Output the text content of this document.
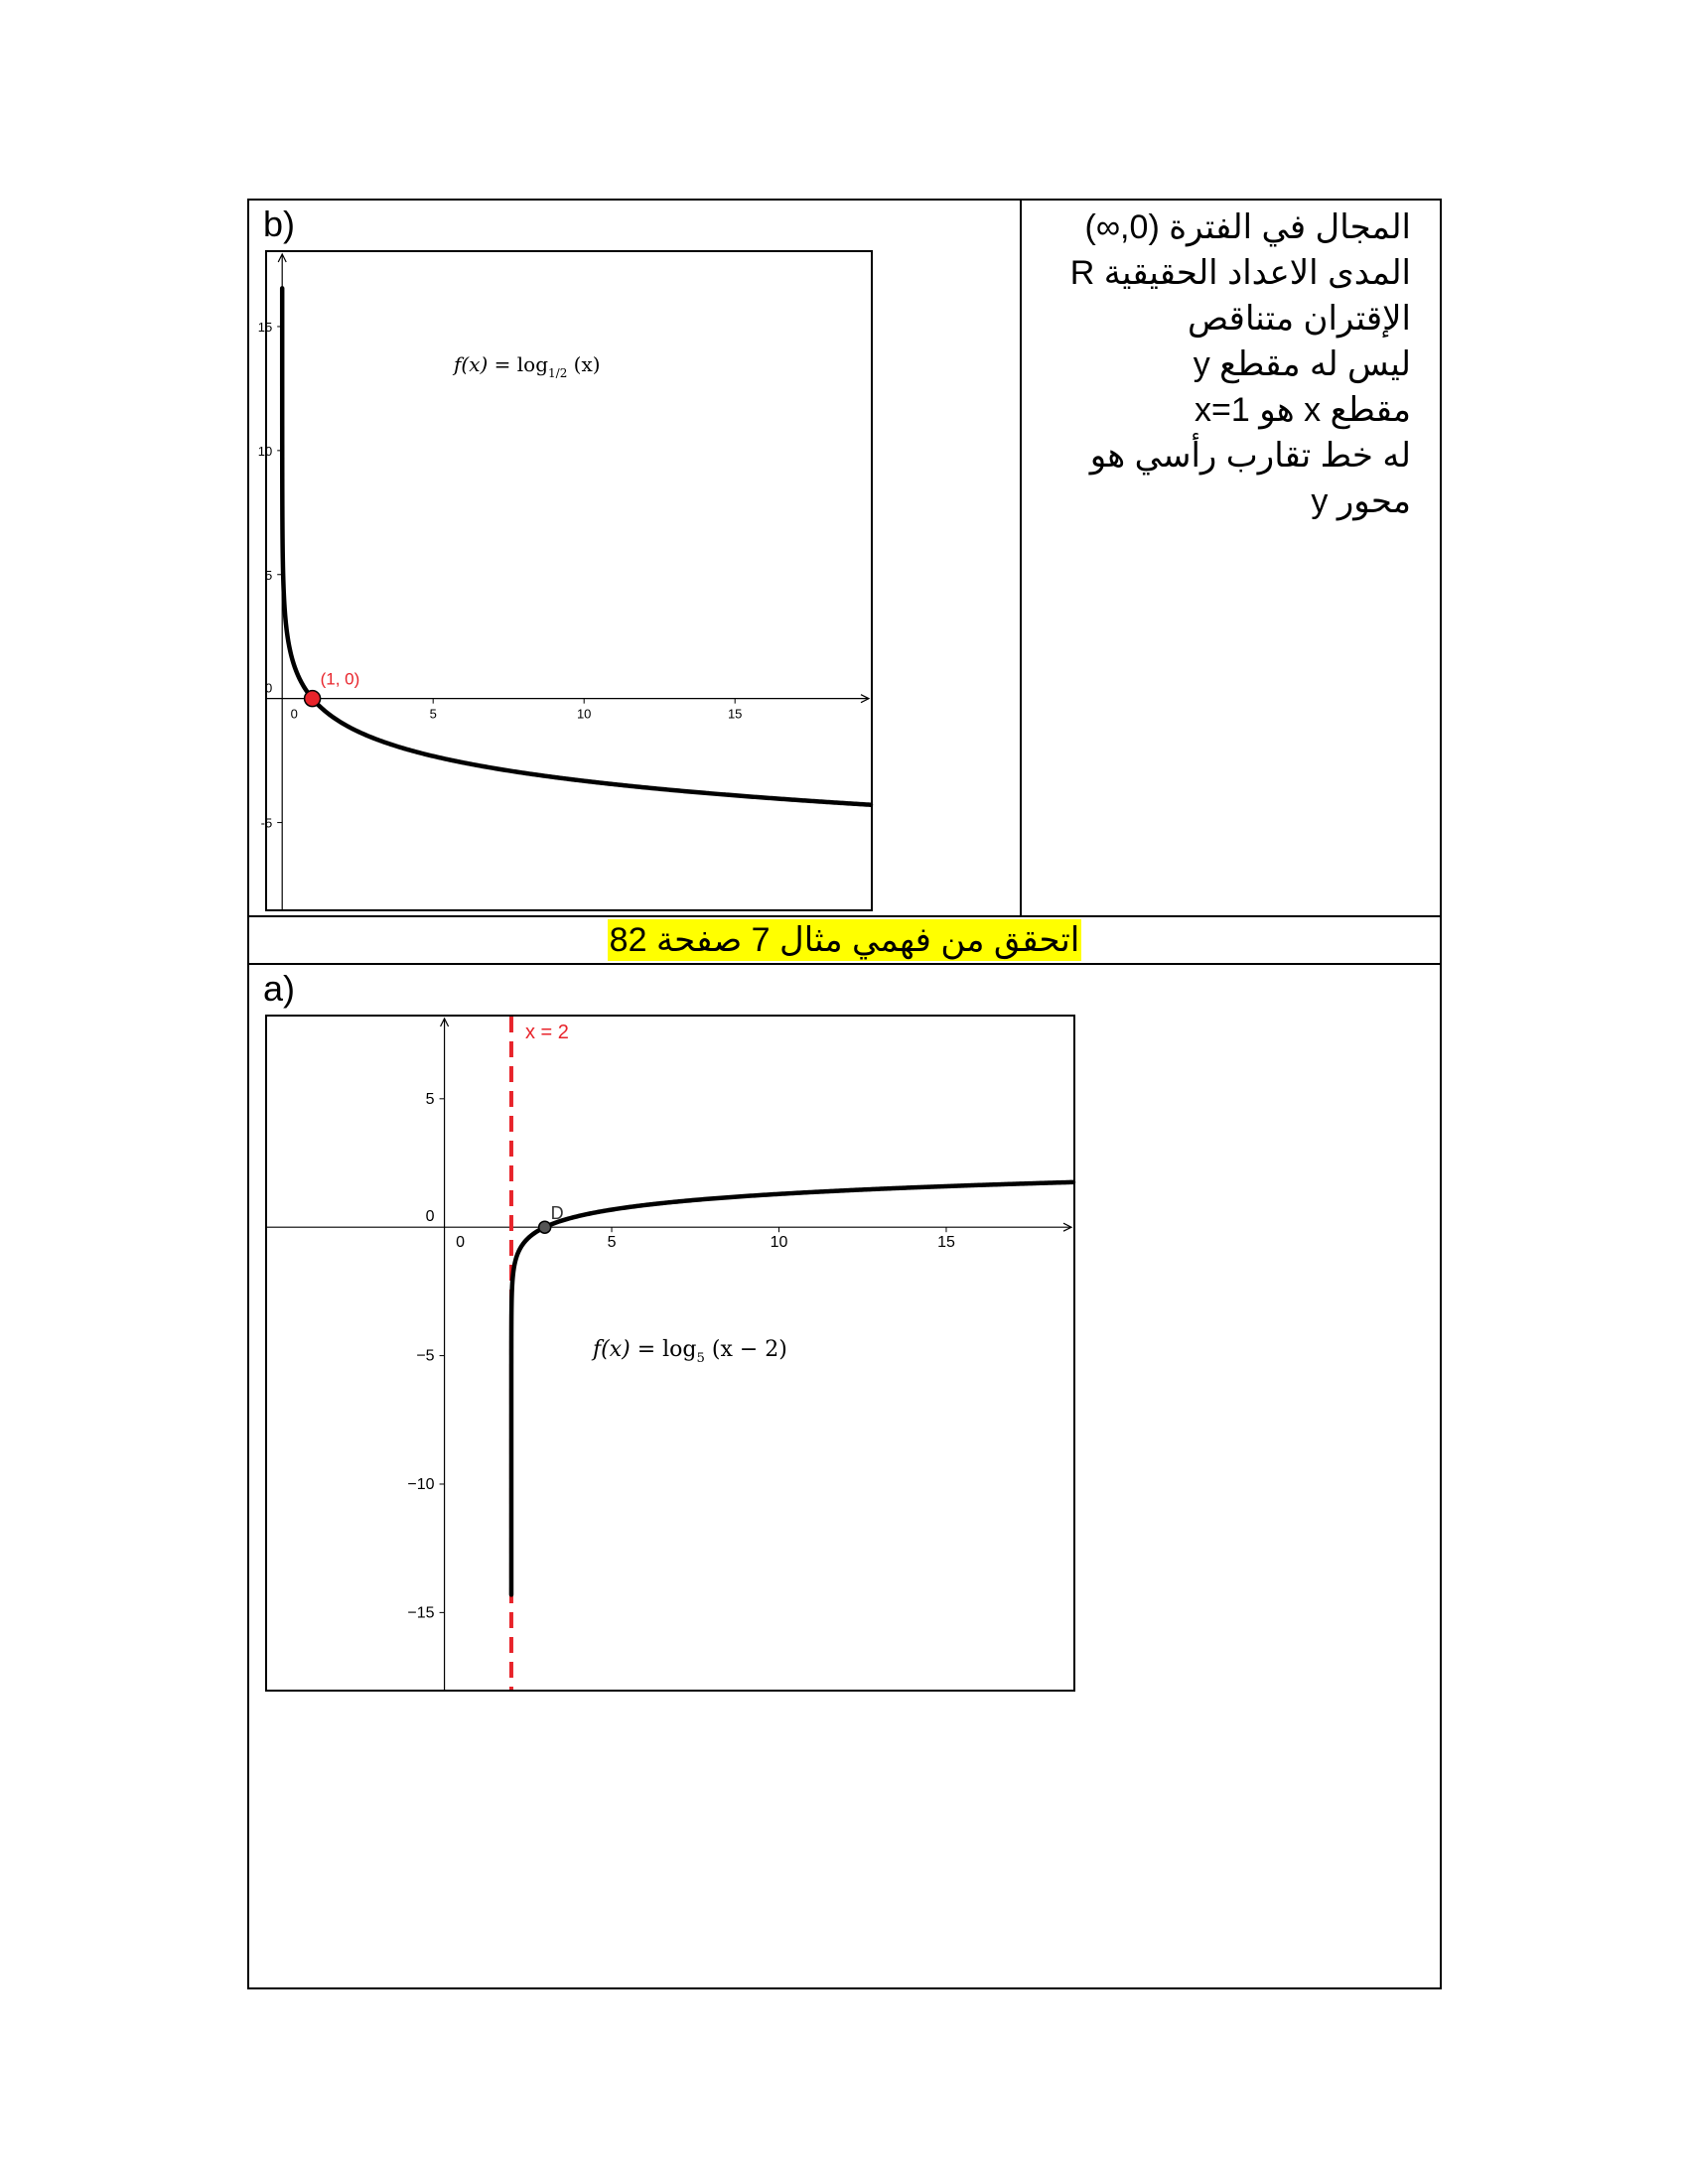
b)
0	5	10	15
-5
0
5
10
15
(1, 0)
$f(x) = \log_{1/2} (x)$
المجال في الفترة (0,∞)
المدى الاعداد الحقيقية R
الإقتران متناقص
ليس له مقطع y
مقطع x هو x=1
له خط تقارب رأسي هو محور y
اتحقق من فهمي مثال 7 صفحة 82
a)
0	5	10	15
−15
−10
−5
0
5
x = 2
D
$f(x) = \log_5 (x - 2)$
